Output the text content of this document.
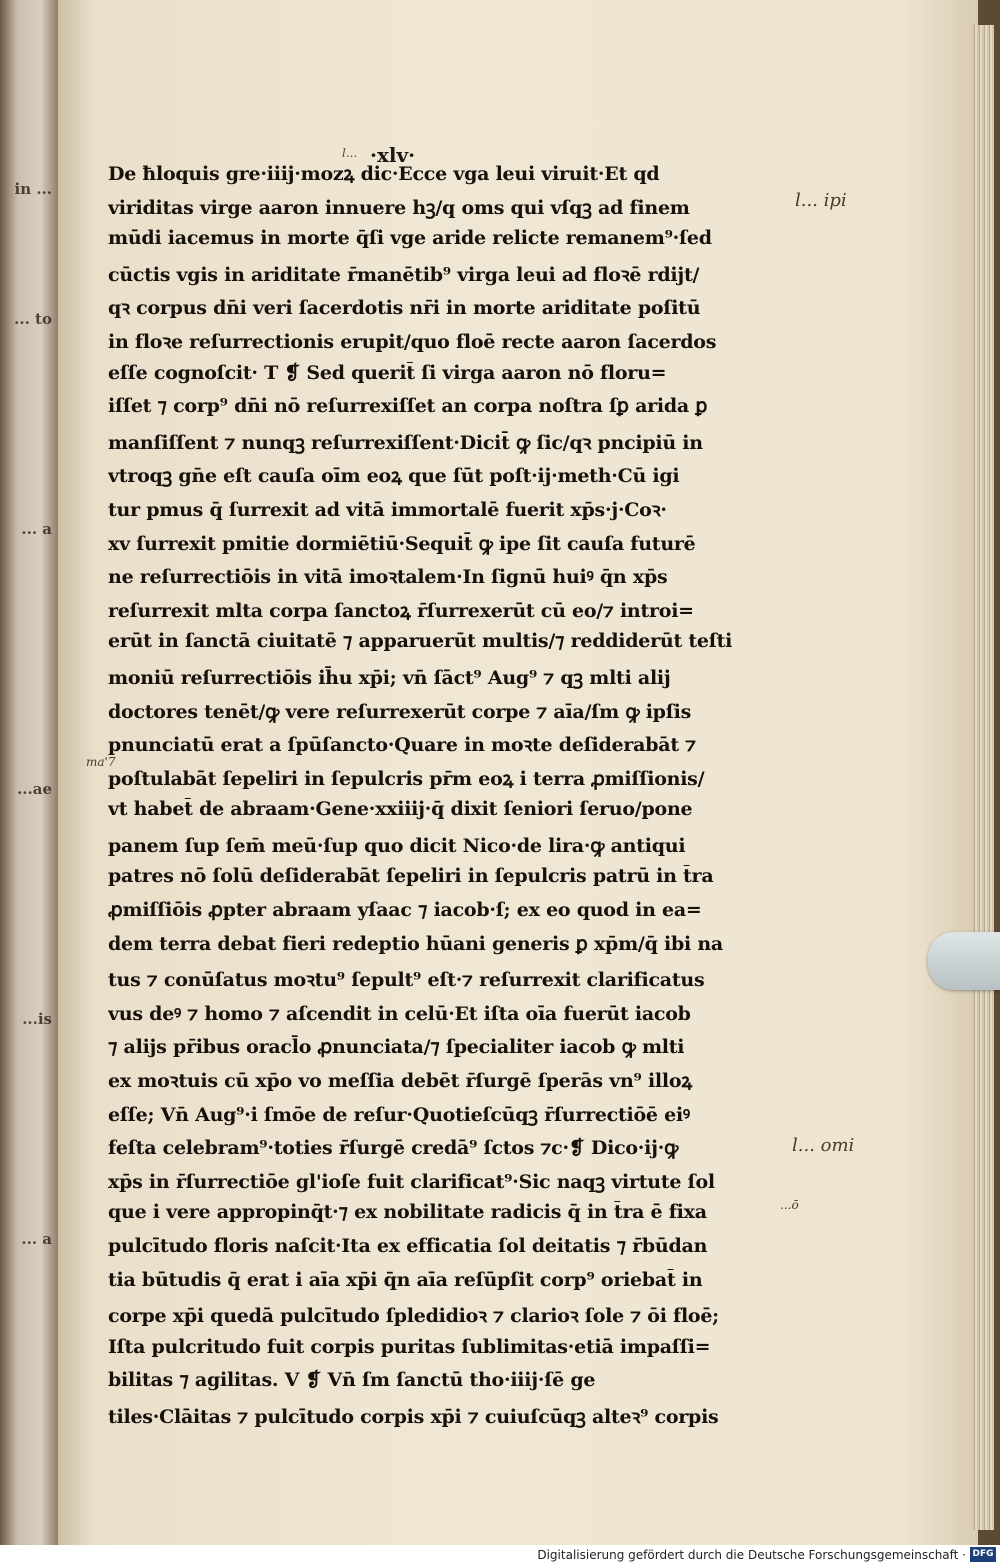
in ...
... to
... a
...ae
...is
... a
l... ·xlv·
De ħloquis gre·iiij·mozꝝ dic·Ecce vga leui viruit·Et qd
viriditas virge aaron innuere hꝫ/q oms qui vſqꝫ ad finem
mūdi iacemus in morte q̄ſi vge aride relicte remanem⁹·ſed
cūctis vgis in ariditate r̄manētib⁹ virga leui ad floꝛē rdijt/
qꝛ corpus dn̄i veri ſacerdotis nr̄i in morte ariditate poſitū
in floꝛe reſurrectionis erupit/quo floē recte aaron ſacerdos
eſſe cognoſcit· T ❡ Sed querit̄ ſi virga aaron nō floru=
iſſet ⁊ corp⁹ dn̄i nō reſurrexiſſet an corpa noſtra ſꝑ arida ꝑ
manſiſſent ⁊ nunqꝫ reſurrexiſſent·Dicit̄ ꝙ ſic/qꝛ pncipiū in
vtroqꝫ gn̄e eſt cauſa oīm eoꝝ que ſūt poſt·ij·meth·Cū igi
tur pmus q̄ ſurrexit ad vitā immortalē fuerit xp̄s·j·Coꝛ·
xv ſurrexit pmitie dormiētiū·Sequit̄ ꝙ ipe ſit cauſa futurē
ne reſurrectiōis in vitā imoꝛtalem·In ſignū huiꝰ q̄n xp̄s
reſurrexit mlta corpa ſanctoꝝ r̄ſurrexerūt cū eo/⁊ introi=
erūt in ſanctā ciuitatē ⁊ apparuerūt multis/⁊ reddiderūt teſti
moniū reſurrectiōis ih̄u xp̄i; vn̄ ſāct⁹ Aug⁹ ⁊ qꝫ mlti alij
doctores tenēt/ꝙ vere reſurrexerūt corpe ⁊ aīa/ſm ꝙ ipſis
pnunciatū erat a ſpūſancto·Quare in moꝛte deſiderabāt ⁊
poſtulabāt ſepeliri in ſepulcris pr̄m eoꝝ i terra ꝓmiſſionis/
vt habet̄ de abraam·Gene·xxiiij·q̄ dixit ſeniori ſeruo/pone
panem ſup ſem̄ meū·ſup quo dicit Nico·de lira·ꝙ antiqui
patres nō ſolū deſiderabāt ſepeliri in ſepulcris patrū in t̄ra
ꝓmiſſiōis ꝓpter abraam yſaac ⁊ iacob·ſ; ex eo quod in ea=
dem terra debat fieri redeptio hūani generis ꝑ xp̄m/q̄ ibi na
tus ⁊ conūſatus moꝛtu⁹ ſepult⁹ eſt·⁊ reſurrexit clarificatus
vus deꝰ ⁊ homo ⁊ aſcendit in celū·Et iſta oīa fuerūt iacob
⁊ alijs pr̄ibus oracl̄o ꝓnunciata/⁊ ſpecialiter iacob ꝙ mlti
ex moꝛtuis cū xp̄o vo meſſia debēt r̄ſurgē ſperās vn⁹ illoꝝ
eſſe; Vn̄ Aug⁹·i ſmōe de reſur·Quotieſcūqꝫ r̄ſurrectiōē eiꝰ
feſta celebram⁹·toties r̄ſurgē credā⁹ ſctos ⁊c·❡ Dico·ij·ꝙ
xp̄s in r̄ſurrectiōe gl'ioſe fuit clarificat⁹·Sic naqꝫ virtute ſol
que i vere appropinq̄t·⁊ ex nobilitate radicis q̄ in t̄ra ē fixa
pulcītudo floris naſcit·Ita ex efficatia ſol deitatis ⁊ r̄būdan
tia būtudis q̄ erat i aīa xp̄i q̄n aīa reſūpſit corp⁹ oriebat̄ in
corpe xp̄i quedā pulcītudo ſpledidioꝛ ⁊ clarioꝛ ſole ⁊ ōi floē;
Iſta pulcritudo fuit corpis puritas ſublimitas·etiā impaſſi=
bilitas ⁊ agilitas. V ❡ Vn̄ ſm ſanctū tho·iiij·ſē ge
tiles·Clāitas ⁊ pulcītudo corpis xp̄i ⁊ cuiuſcūqꝫ alteꝛ⁹ corpis
l... ipi
ma'7
l... omi
...ō
Digitalisierung gefördert durch die Deutsche Forschungsgemeinschaft · DFG
